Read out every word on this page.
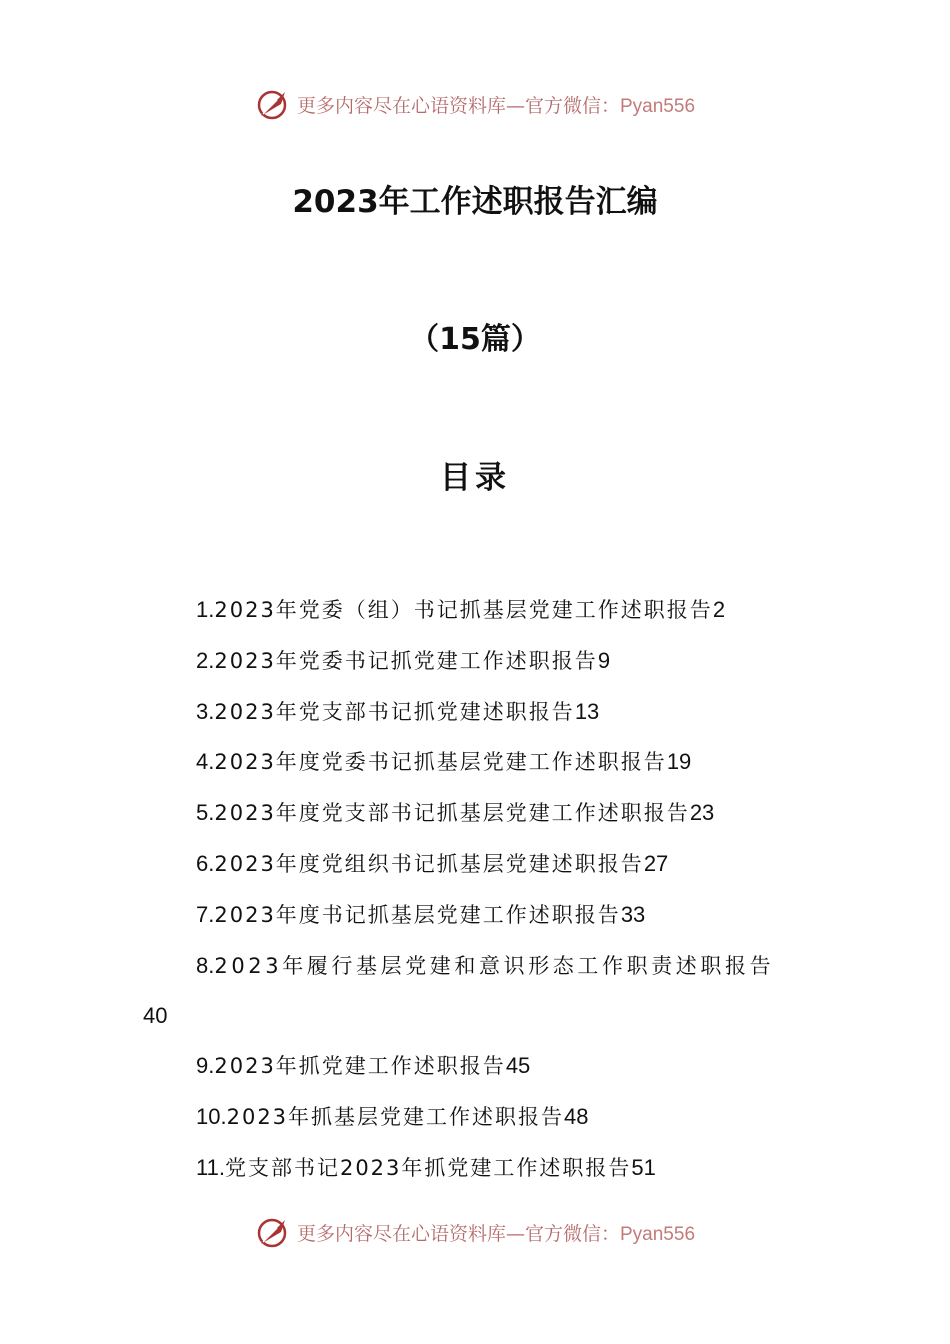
更多内容尽在心语资料库—官方微信：Pyan556
2023年工作述职报告汇编
（15篇）
目录
1.2023年党委（组）书记抓基层党建工作述职报告2
2.2023年党委书记抓党建工作述职报告9
3.2023年党支部书记抓党建述职报告13
4.2023年度党委书记抓基层党建工作述职报告19
5.2023年度党支部书记抓基层党建工作述职报告23
6.2023年度党组织书记抓基层党建述职报告27
7.2023年度书记抓基层党建工作述职报告33
8.2023年履行基层党建和意识形态工作职责述职报告
40
9.2023年抓党建工作述职报告45
10.2023年抓基层党建工作述职报告48
11.党支部书记2023年抓党建工作述职报告51
更多内容尽在心语资料库—官方微信：Pyan556
